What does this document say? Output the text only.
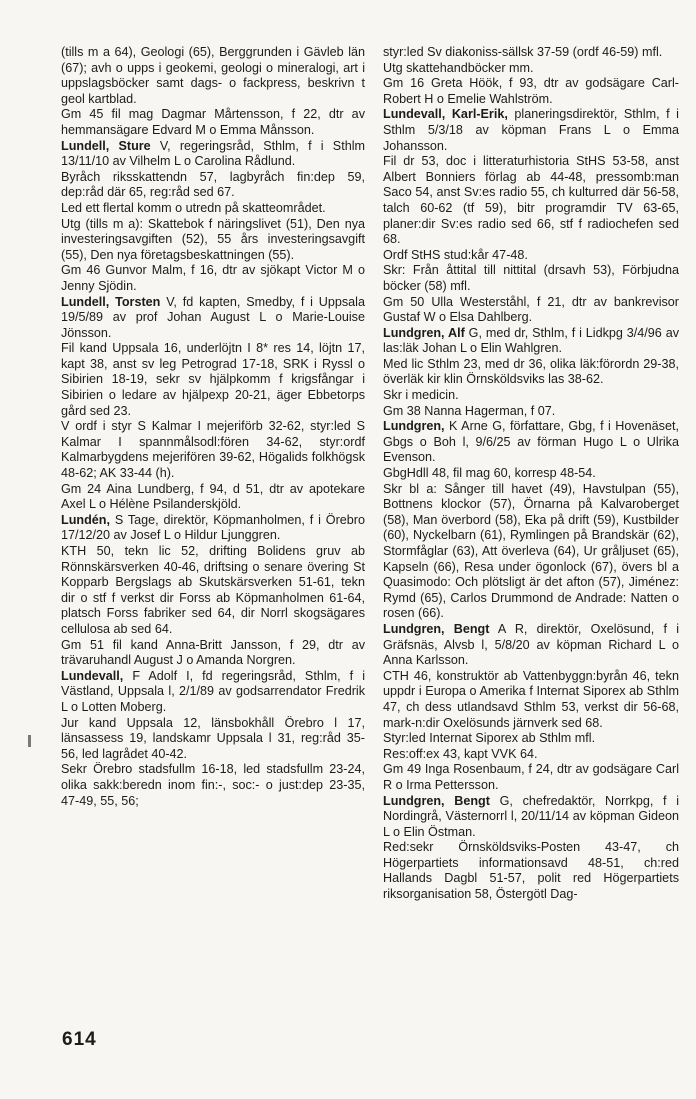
(tills m a 64), Geologi (65), Berggrunden i Gävleb län (67); avh o upps i geokemi, geologi o mineralogi, art i uppslagsböcker samt dags- o fackpress, beskrivn t geol kartblad.

Gm 45 fil mag Dagmar Mårtensson, f 22, dtr av hemmansägare Edvard M o Emma Månsson.

Lundell, Sture V, regeringsråd, Sthlm, f i Sthlm 13/11/10 av Vilhelm L o Carolina Rådlund.

Byråch riksskattendn 57, lagbyråch fin:dep 59, dep:råd där 65, reg:råd sed 67.

Led ett flertal komm o utredn på skatteområdet.

Utg (tills m a): Skattebok f näringslivet (51), Den nya investeringsavgiften (52), 55 års investeringsavgift (55), Den nya företagsbeskattningen (55).

Gm 46 Gunvor Malm, f 16, dtr av sjökapt Victor M o Jenny Sjödin.

Lundell, Torsten V, fd kapten, Smedby, f i Uppsala 19/5/89 av prof Johan August L o Marie-Louise Jönsson.

Fil kand Uppsala 16, underlöjtn I 8* res 14, löjtn 17, kapt 38, anst sv leg Petrograd 17-18, SRK i Ryssl o Sibirien 18-19, sekr sv hjälpkomm f krigsfångar i Sibirien o ledare av hjälpexp 20-21, äger Ebbetorps gård sed 23.

V ordf i styr S Kalmar I mejeriförb 32-62, styr:led S Kalmar I spannmålsodl:fören 34-62, styr:ordf Kalmarbygdens mejerifören 39-62, Högalids folkhögsk 48-62; AK 33-44 (h).

Gm 24 Aina Lundberg, f 94, d 51, dtr av apotekare Axel L o Hélène Psilanderskjöld.

Lundén, S Tage, direktör, Köpmanholmen, f i Örebro 17/12/20 av Josef L o Hildur Ljunggren.

KTH 50, tekn lic 52, drifting Bolidens gruv ab Rönnskärsverken 40-46, driftsing o senare övering St Kopparb Bergslags ab Skutskärsverken 51-61, tekn dir o stf f verkst dir Forss ab Köpmanholmen 61-64, platsch Forss fabriker sed 64, dir Norrl skogsägares cellulosa ab sed 64.

Gm 51 fil kand Anna-Britt Jansson, f 29, dtr av trävaruhandl August J o Amanda Norgren.

Lundevall, F Adolf I, fd regeringsråd, Sthlm, f i Västland, Uppsala l, 2/1/89 av godsarrendator Fredrik L o Lotten Moberg.

Jur kand Uppsala 12, länsbokhåll Örebro l 17, länsassess 19, landskamr Uppsala l 31, reg:råd 35-56, led lagrådet 40-42.

Sekr Örebro stadsfullm 16-18, led stadsfullm 23-24, olika sakk:beredn inom fin:-, soc:- o just:dep 23-35, 47-49, 55, 56;

styr:led Sv diakoniss-sällsk 37-59 (ordf 46-59) mfl.

Utg skattehandböcker mm.

Gm 16 Greta Höök, f 93, dtr av godsägare Carl-Robert H o Emelie Wahlström.

Lundevall, Karl-Erik, planeringsdirektör, Sthlm, f i Sthlm 5/3/18 av köpman Frans L o Emma Johansson.

Fil dr 53, doc i litteraturhistoria StHS 53-58, anst Albert Bonniers förlag ab 44-48, pressomb:man Saco 54, anst Sv:es radio 55, ch kulturred där 56-58, talch 60-62 (tf 59), bitr programdir TV 63-65, planer:dir Sv:es radio sed 66, stf f radiochefen sed 68.

Ordf StHS stud:kår 47-48.

Skr: Från åttital till nittital (drsavh 53), Förbjudna böcker (58) mfl.

Gm 50 Ulla Westerståhl, f 21, dtr av bankrevisor Gustaf W o Elsa Dahlberg.

Lundgren, Alf G, med dr, Sthlm, f i Lidkpg 3/4/96 av las:läk Johan L o Elin Wahlgren.

Med lic Sthlm 23, med dr 36, olika läk:förordn 29-38, överläk kir klin Örnsköldsviks las 38-62.

Skr i medicin.

Gm 38 Nanna Hagerman, f 07.

Lundgren, K Arne G, författare, Gbg, f i Hovenäset, Gbgs o Boh l, 9/6/25 av förman Hugo L o Ulrika Evenson.

GbgHdll 48, fil mag 60, korresp 48-54.

Skr bl a: Sånger till havet (49), Havstulpan (55), Bottnens klockor (57), Örnarna på Kalvaroberget (58), Man överbord (58), Eka på drift (59), Kustbilder (60), Nyckelbarn (61), Rymlingen på Brandskär (62), Stormfåglar (63), Att överleva (64), Ur gråljuset (65), Kapseln (66), Resa under ögonlock (67), övers bl a Quasimodo: Och plötsligt är det afton (57), Jiménez: Rymd (65), Carlos Drummond de Andrade: Natten o rosen (66).

Lundgren, Bengt A R, direktör, Oxelösund, f i Gräfsnäs, Alvsb l, 5/8/20 av köpman Richard L o Anna Karlsson.

CTH 46, konstruktör ab Vattenbyggn:byrån 46, tekn uppdr i Europa o Amerika f Internat Siporex ab Sthlm 47, ch dess utlandsavd Sthlm 53, verkst dir 56-68, mark-n:dir Oxelösunds järnverk sed 68.

Styr:led Internat Siporex ab Sthlm mfl.

Res:off:ex 43, kapt VVK 64.

Gm 49 Inga Rosenbaum, f 24, dtr av godsägare Carl R o Irma Pettersson.

Lundgren, Bengt G, chefredaktör, Norrkpg, f i Nordingrå, Västernorrl l, 20/11/14 av köpman Gideon L o Elin Östman.

Red:sekr Örnsköldsviks-Posten 43-47, ch Högerpartiets informationsavd 48-51, ch:red Hallands Dagbl 51-57, polit red Högerpartiets riksorganisation 58, Östergötl Dag-

614
